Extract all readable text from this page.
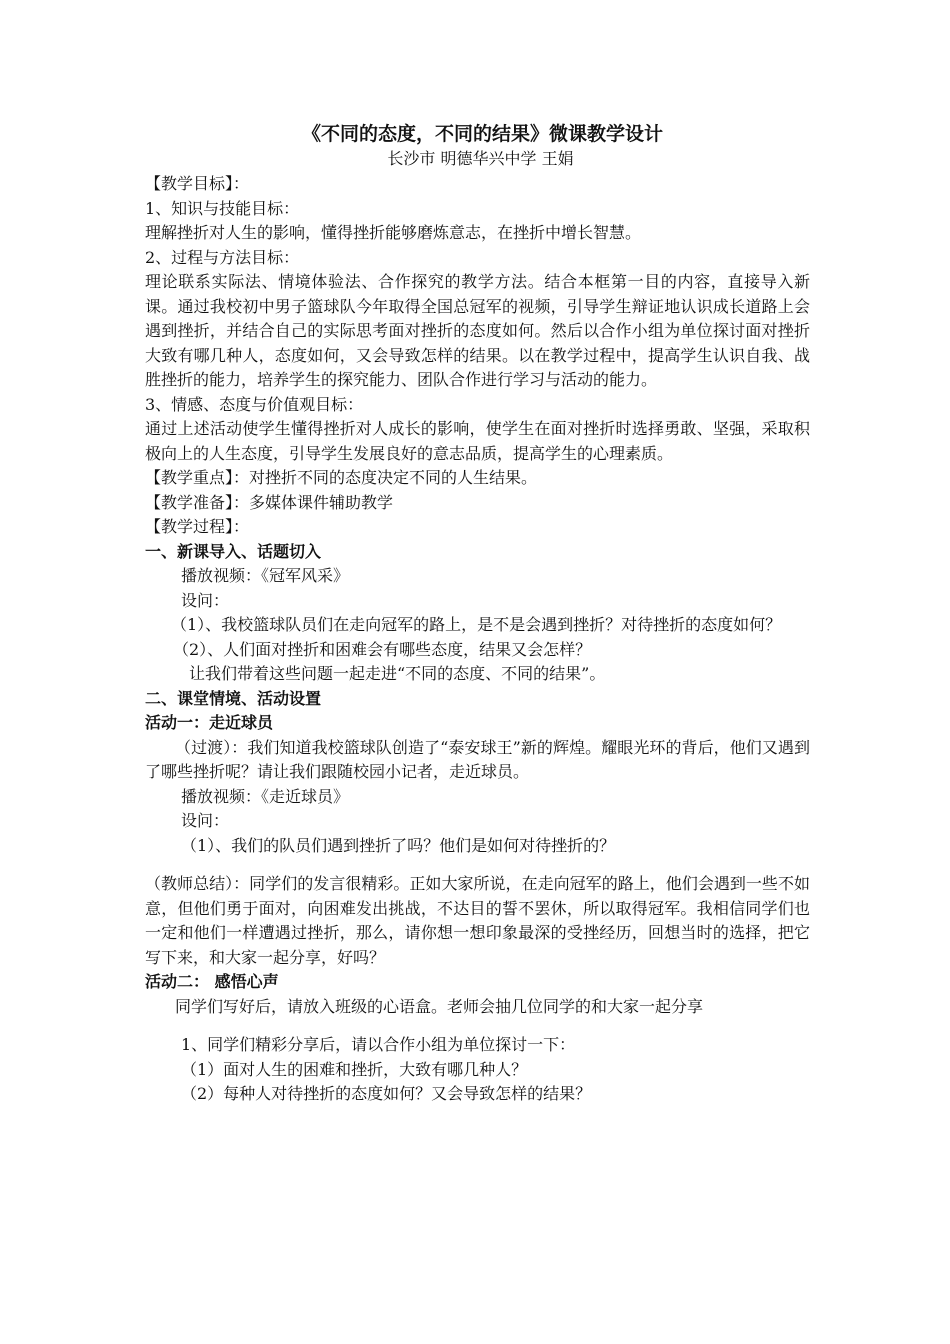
《不同的态度，不同的结果》微课教学设计

长沙市 明德华兴中学 王娟

【教学目标】：

1、知识与技能目标：

理解挫折对人生的影响，懂得挫折能够磨炼意志，在挫折中增长智慧。

2、过程与方法目标：

理论联系实际法、情境体验法、合作探究的教学方法。结合本框第一目的内容，直接导入新课。通过我校初中男子篮球队今年取得全国总冠军的视频，引导学生辩证地认识成长道路上会遇到挫折，并结合自己的实际思考面对挫折的态度如何。然后以合作小组为单位探讨面对挫折大致有哪几种人，态度如何，又会导致怎样的结果。以在教学过程中，提高学生认识自我、战胜挫折的能力，培养学生的探究能力、团队合作进行学习与活动的能力。

3、情感、态度与价值观目标：

通过上述活动使学生懂得挫折对人成长的影响，使学生在面对挫折时选择勇敢、坚强，采取积极向上的人生态度，引导学生发展良好的意志品质，提高学生的心理素质。

【教学重点】：对挫折不同的态度决定不同的人生结果。

【教学准备】：多媒体课件辅助教学

【教学过程】：

一、新课导入、话题切入

播放视频：《冠军风采》

设问：

（1）、我校篮球队员们在走向冠军的路上，是不是会遇到挫折？对待挫折的态度如何？

（2）、人们面对挫折和困难会有哪些态度，结果又会怎样？

让我们带着这些问题一起走进“不同的态度、不同的结果”。

二、课堂情境、活动设置

活动一：走近球员

（过渡）：我们知道我校篮球队创造了“泰安球王”新的辉煌。耀眼光环的背后，他们又遇到了哪些挫折呢？请让我们跟随校园小记者，走近球员。

播放视频：《走近球员》

设问：

（1）、我们的队员们遇到挫折了吗？他们是如何对待挫折的？

（教师总结）：同学们的发言很精彩。正如大家所说，在走向冠军的路上，他们会遇到一些不如意，但他们勇于面对，向困难发出挑战，不达目的誓不罢休，所以取得冠军。我相信同学们也一定和他们一样遭遇过挫折，那么，请你想一想印象最深的受挫经历，回想当时的选择，把它写下来，和大家一起分享，好吗？

活动二： 感悟心声

同学们写好后，请放入班级的心语盒。老师会抽几位同学的和大家一起分享

1、同学们精彩分享后，请以合作小组为单位探讨一下：

（1）面对人生的困难和挫折，大致有哪几种人？

（2）每种人对待挫折的态度如何？又会导致怎样的结果？
